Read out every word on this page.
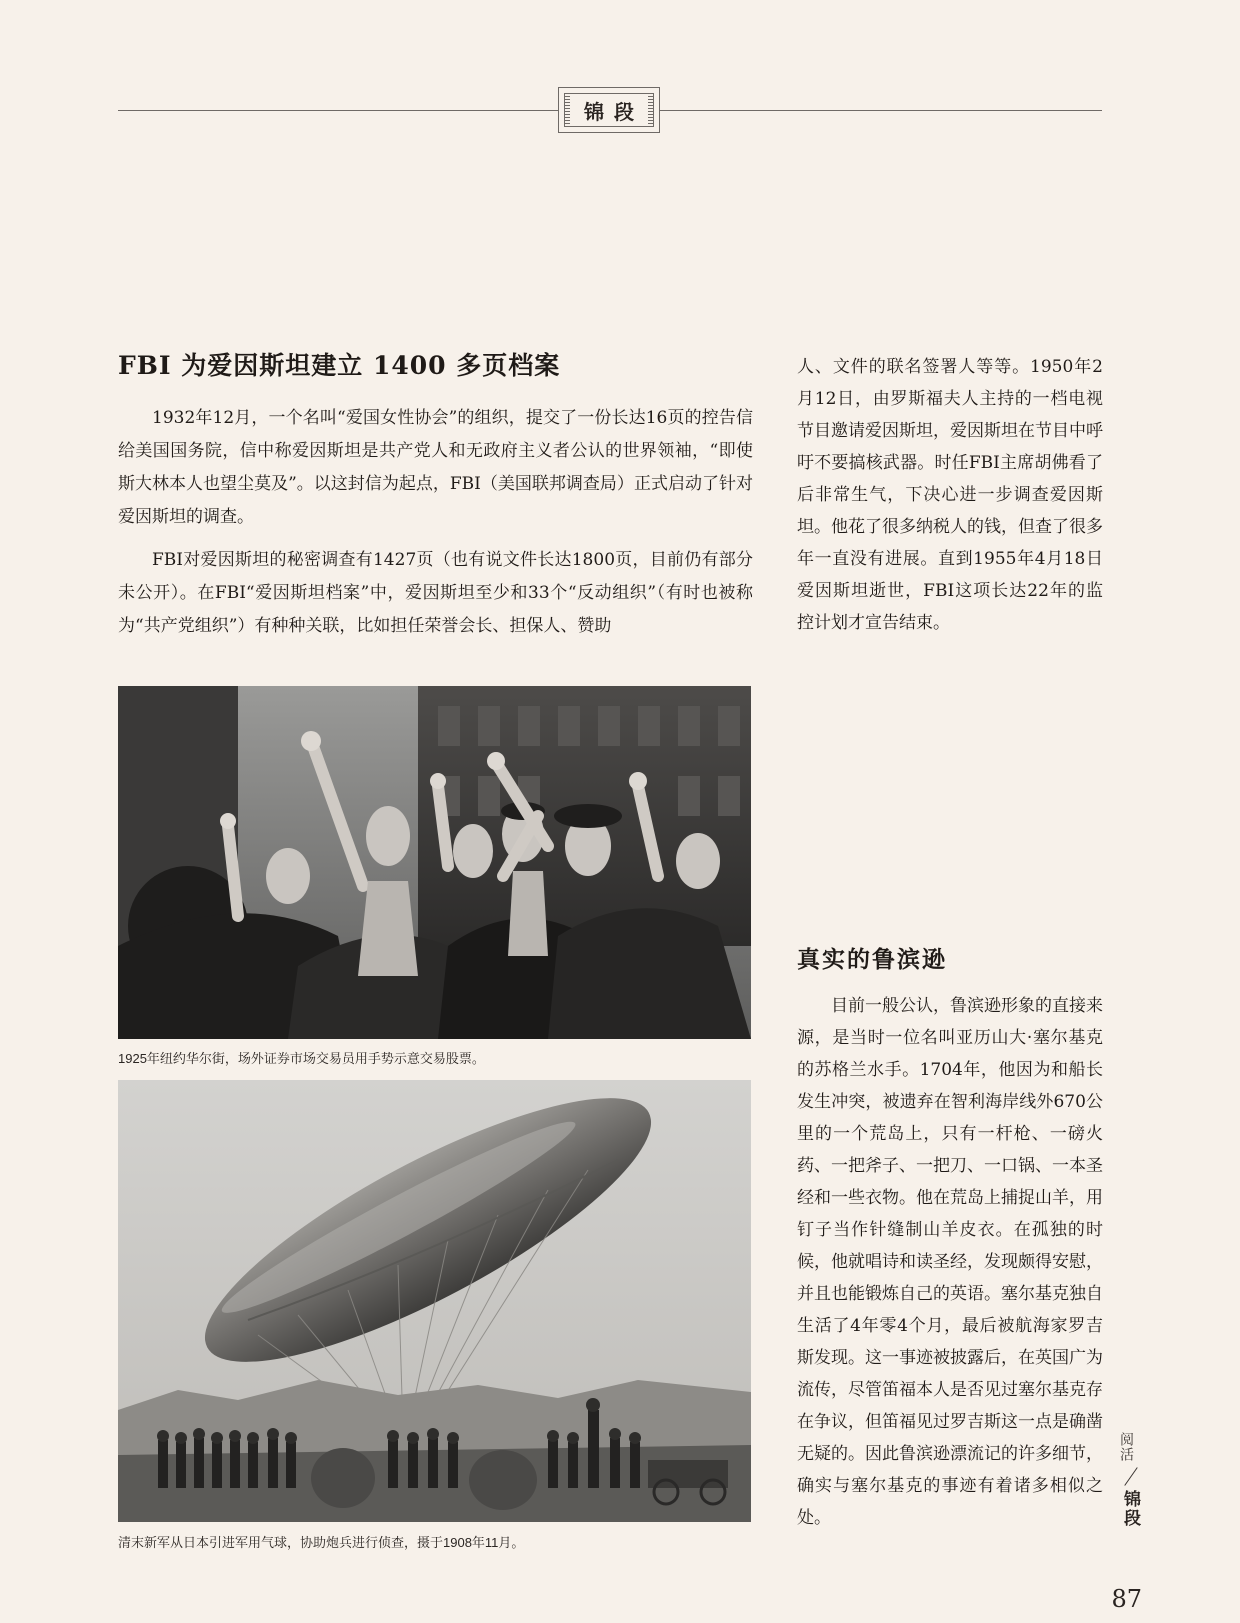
锦段
FBI 为爱因斯坦建立 1400 多页档案

1932年12月，一个名叫“爱国女性协会”的组织，提交了一份长达16页的控告信给美国国务院，信中称爱因斯坦是共产党人和无政府主义者公认的世界领袖，“即使斯大林本人也望尘莫及”。以这封信为起点，FBI（美国联邦调查局）正式启动了针对爱因斯坦的调查。

FBI对爱因斯坦的秘密调查有1427页（也有说文件长达1800页，目前仍有部分未公开）。在FBI“爱因斯坦档案”中，爱因斯坦至少和33个“反动组织”（有时也被称为“共产党组织”）有种种关联，比如担任荣誉会长、担保人、赞助

人、文件的联名签署人等等。1950年2月12日，由罗斯福夫人主持的一档电视节目邀请爱因斯坦，爱因斯坦在节目中呼吁不要搞核武器。时任FBI主席胡佛看了后非常生气，下决心进一步调查爱因斯坦。他花了很多纳税人的钱，但查了很多年一直没有进展。直到1955年4月18日爱因斯坦逝世，FBI这项长达22年的监控计划才宣告结束。

1925年纽约华尔街，场外证券市场交易员用手势示意交易股票。
清末新军从日本引进军用气球，协助炮兵进行侦查，摄于1908年11月。
真实的鲁滨逊

目前一般公认，鲁滨逊形象的直接来源，是当时一位名叫亚历山大·塞尔基克的苏格兰水手。1704年，他因为和船长发生冲突，被遗弃在智利海岸线外670公里的一个荒岛上，只有一杆枪、一磅火药、一把斧子、一把刀、一口锅、一本圣经和一些衣物。他在荒岛上捕捉山羊，用钉子当作针缝制山羊皮衣。在孤独的时候，他就唱诗和读圣经，发现颇得安慰，并且也能锻炼自己的英语。塞尔基克独自生活了4年零4个月，最后被航海家罗吉斯发现。这一事迹被披露后，在英国广为流传，尽管笛福本人是否见过塞尔基克存在争议，但笛福见过罗吉斯这一点是确凿无疑的。因此鲁滨逊漂流记的许多细节，确实与塞尔基克的事迹有着诸多相似之处。

阅活
锦段
87
